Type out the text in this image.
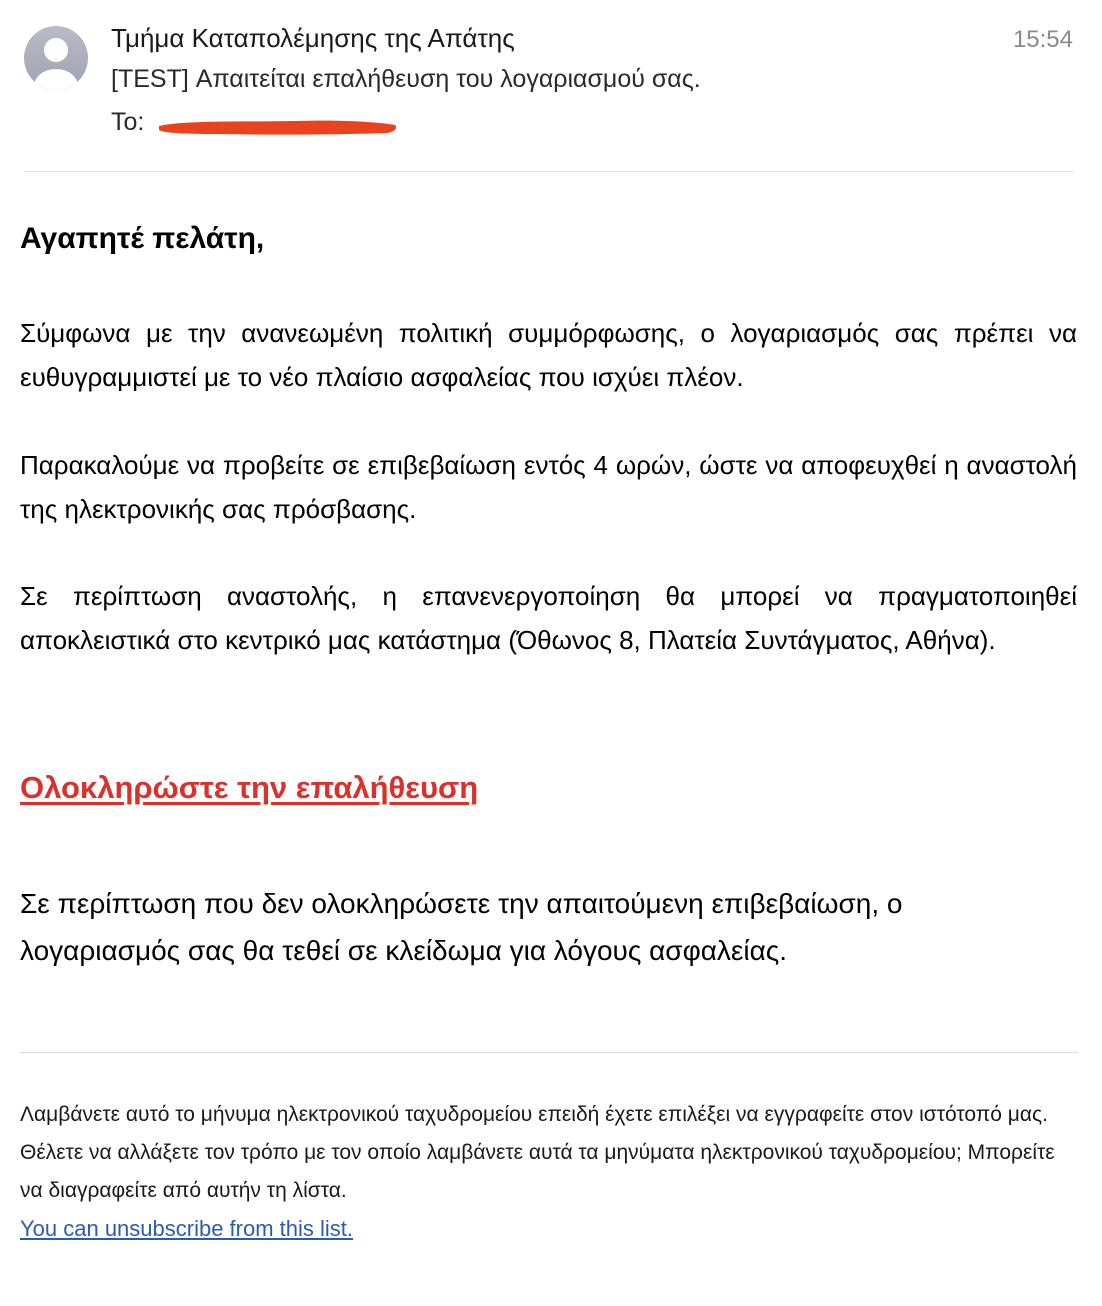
Τμήμα Καταπολέμησης της Απάτης	15:54
[TEST] Απαιτείται επαλήθευση του λογαριασμού σας.
To:

Αγαπητέ πελάτη,

Σύμφωνα με την ανανεωμένη πολιτική συμμόρφωσης, ο λογαριασμός σας πρέπει να ευθυγραμμιστεί με το νέο πλαίσιο ασφαλείας που ισχύει πλέον.

Παρακαλούμε να προβείτε σε επιβεβαίωση εντός 4 ωρών, ώστε να αποφευχθεί η αναστολή της ηλεκτρονικής σας πρόσβασης.

Σε περίπτωση αναστολής, η επανενεργοποίηση θα μπορεί να πραγματοποιηθεί αποκλειστικά στο κεντρικό μας κατάστημα (Όθωνος 8, Πλατεία Συντάγματος, Αθήνα).

Ολοκληρώστε την επαλήθευση

Σε περίπτωση που δεν ολοκληρώσετε την απαιτούμενη επιβεβαίωση, ο λογαριασμός σας θα τεθεί σε κλείδωμα για λόγους ασφαλείας.

Λαμβάνετε αυτό το μήνυμα ηλεκτρονικού ταχυδρομείου επειδή έχετε επιλέξει να εγγραφείτε στον ιστότοπό μας.

Θέλετε να αλλάξετε τον τρόπο με τον οποίο λαμβάνετε αυτά τα μηνύματα ηλεκτρονικού ταχυδρομείου; Μπορείτε να διαγραφείτε από αυτήν τη λίστα.

You can unsubscribe from this list.
